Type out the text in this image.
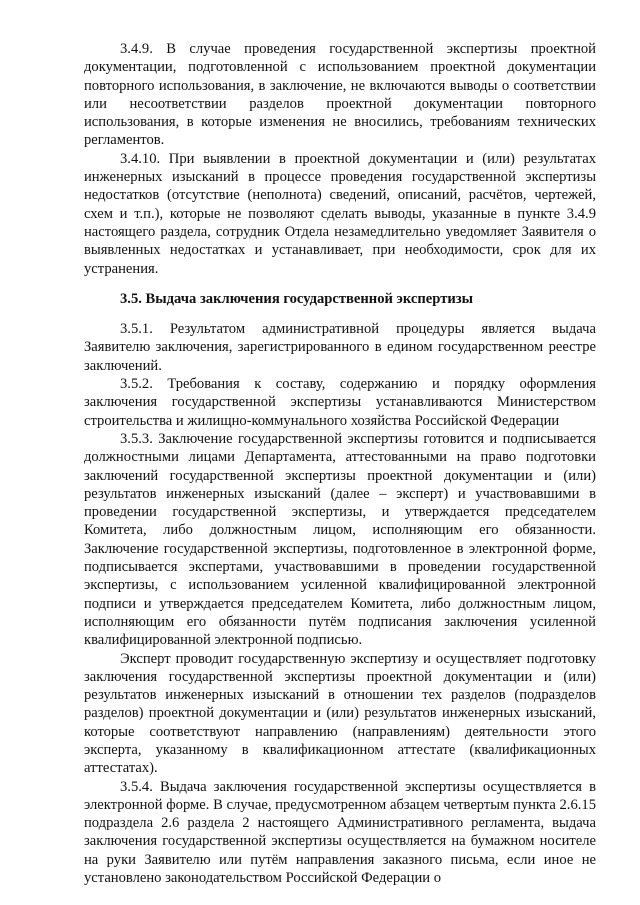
3.4.9. В случае проведения государственной экспертизы проектной документации, подготовленной с использованием проектной документации повторного использования, в заключение, не включаются выводы о соответствии или несоответствии разделов проектной документации повторного использования, в которые изменения не вносились, требованиям технических регламентов.

3.4.10. При выявлении в проектной документации и (или) результатах инженерных изысканий в процессе проведения государственной экспертизы недостатков (отсутствие (неполнота) сведений, описаний, расчётов, чертежей, схем и т.п.), которые не позволяют сделать выводы, указанные в пункте 3.4.9 настоящего раздела, сотрудник Отдела незамедлительно уведомляет Заявителя о выявленных недостатках и устанавливает, при необходимости, срок для их устранения.

3.5. Выдача заключения государственной экспертизы

3.5.1. Результатом административной процедуры является выдача Заявителю заключения, зарегистрированного в едином государственном реестре заключений.

3.5.2. Требования к составу, содержанию и порядку оформления заключения государственной экспертизы устанавливаются Министерством строительства и жилищно-коммунального хозяйства Российской Федерации

3.5.3. Заключение государственной экспертизы готовится и подписывается должностными лицами Департамента, аттестованными на право подготовки заключений государственной экспертизы проектной документации и (или) результатов инженерных изысканий (далее – эксперт) и участвовавшими в проведении государственной экспертизы, и утверждается председателем Комитета, либо должностным лицом, исполняющим его обязанности. Заключение государственной экспертизы, подготовленное в электронной форме, подписывается экспертами, участвовавшими в проведении государственной экспертизы, с использованием усиленной квалифицированной электронной подписи и утверждается председателем Комитета, либо должностным лицом, исполняющим его обязанности путём подписания заключения усиленной квалифицированной электронной подписью.

Эксперт проводит государственную экспертизу и осуществляет подготовку заключения государственной экспертизы проектной документации и (или) результатов инженерных изысканий в отношении тех разделов (подразделов разделов) проектной документации и (или) результатов инженерных изысканий, которые соответствуют направлению (направлениям) деятельности этого эксперта, указанному в квалификационном аттестате (квалификационных аттестатах).

3.5.4. Выдача заключения государственной экспертизы осуществляется в электронной форме. В случае, предусмотренном абзацем четвертым пункта 2.6.15 подраздела 2.6 раздела 2 настоящего Административного регламента, выдача заключения государственной экспертизы осуществляется на бумажном носителе на руки Заявителю или путём направления заказного письма, если иное не установлено законодательством Российской Федерации о
